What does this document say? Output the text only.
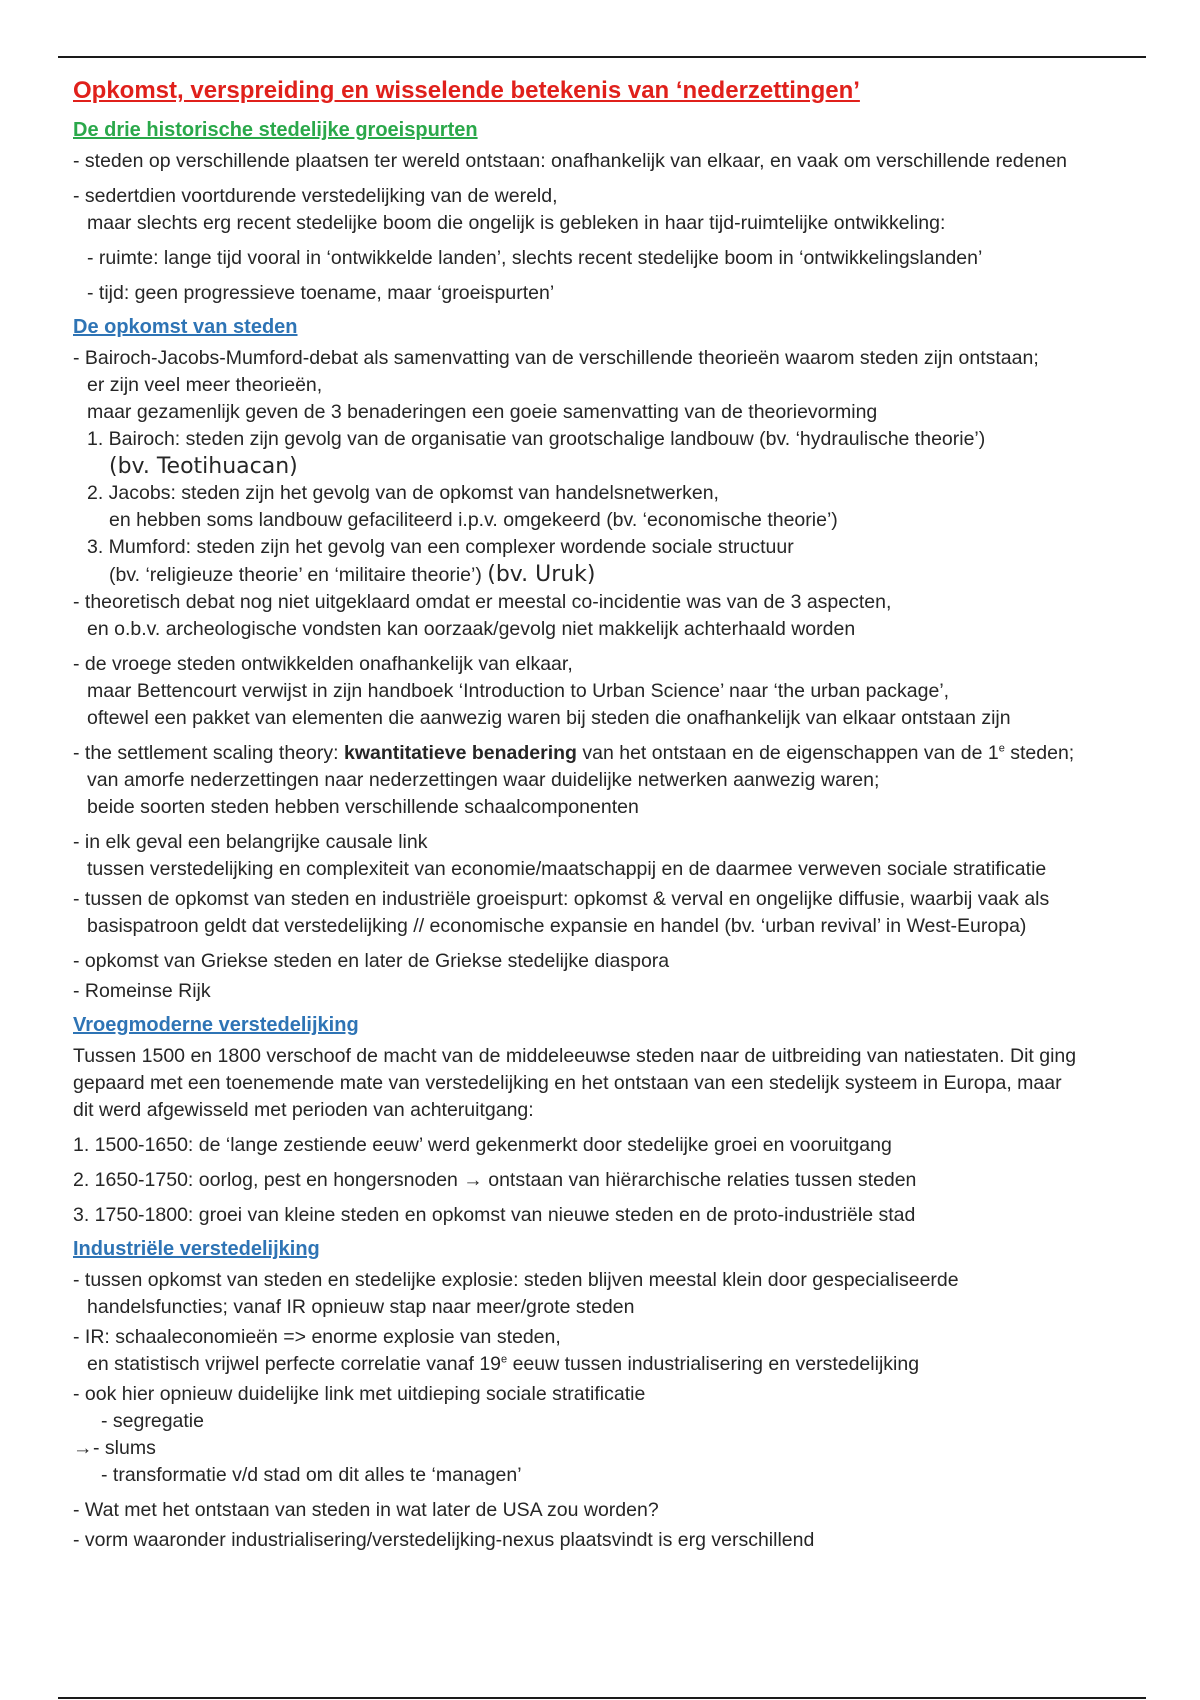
Opkomst, verspreiding en wisselende betekenis van ‘nederzettingen’
De drie historische stedelijke groeispurten

- steden op verschillende plaatsen ter wereld ontstaan: onafhankelijk van elkaar, en vaak om verschillende redenen

- sedertdien voortdurende verstedelijking van de wereld,

maar slechts erg recent stedelijke boom die ongelijk is gebleken in haar tijd-ruimtelijke ontwikkeling:

- ruimte: lange tijd vooral in ‘ontwikkelde landen’, slechts recent stedelijke boom in ‘ontwikkelingslanden’

- tijd: geen progressieve toename, maar ‘groeispurten’

De opkomst van steden

- Bairoch-Jacobs-Mumford-debat als samenvatting van de verschillende theorieën waarom steden zijn ontstaan;

er zijn veel meer theorieën,

maar gezamenlijk geven de 3 benaderingen een goeie samenvatting van de theorievorming

1. Bairoch: steden zijn gevolg van de organisatie van grootschalige landbouw (bv. ‘hydraulische theorie’)

(bv. Teotihuacan)

2. Jacobs: steden zijn het gevolg van de opkomst van handelsnetwerken,

en hebben soms landbouw gefaciliteerd i.p.v. omgekeerd (bv. ‘economische theorie’)

3. Mumford: steden zijn het gevolg van een complexer wordende sociale structuur

(bv. ‘religieuze theorie’ en ‘militaire theorie’) (bv. Uruk)

- theoretisch debat nog niet uitgeklaard omdat er meestal co-incidentie was van de 3 aspecten,

en o.b.v. archeologische vondsten kan oorzaak/gevolg niet makkelijk achterhaald worden

- de vroege steden ontwikkelden onafhankelijk van elkaar,

maar Bettencourt verwijst in zijn handboek ‘Introduction to Urban Science’ naar ‘the urban package’,

oftewel een pakket van elementen die aanwezig waren bij steden die onafhankelijk van elkaar ontstaan zijn

- the settlement scaling theory: kwantitatieve benadering van het ontstaan en de eigenschappen van de 1e steden;

van amorfe nederzettingen naar nederzettingen waar duidelijke netwerken aanwezig waren;

beide soorten steden hebben verschillende schaalcomponenten

- in elk geval een belangrijke causale link

tussen verstedelijking en complexiteit van economie/maatschappij en de daarmee verweven sociale stratificatie

- tussen de opkomst van steden en industriële groeispurt: opkomst & verval en ongelijke diffusie, waarbij vaak als

basispatroon geldt dat verstedelijking // economische expansie en handel (bv. ‘urban revival’ in West-Europa)

- opkomst van Griekse steden en later de Griekse stedelijke diaspora

- Romeinse Rijk

Vroegmoderne verstedelijking

Tussen 1500 en 1800 verschoof de macht van de middeleeuwse steden naar de uitbreiding van natiestaten. Dit ging

gepaard met een toenemende mate van verstedelijking en het ontstaan van een stedelijk systeem in Europa, maar

dit werd afgewisseld met perioden van achteruitgang:

1. 1500-1650: de ‘lange zestiende eeuw’ werd gekenmerkt door stedelijke groei en vooruitgang

2. 1650-1750: oorlog, pest en hongersnoden → ontstaan van hiërarchische relaties tussen steden

3. 1750-1800: groei van kleine steden en opkomst van nieuwe steden en de proto-industriële stad

Industriële verstedelijking

- tussen opkomst van steden en stedelijke explosie: steden blijven meestal klein door gespecialiseerde

handelsfuncties; vanaf IR opnieuw stap naar meer/grote steden

- IR: schaaleconomieën => enorme explosie van steden,

en statistisch vrijwel perfecte correlatie vanaf 19e eeuw tussen industrialisering en verstedelijking

- ook hier opnieuw duidelijke link met uitdieping sociale stratificatie

- segregatie

→ - slums

- transformatie v/d stad om dit alles te ‘managen’

- Wat met het ontstaan van steden in wat later de USA zou worden?

- vorm waaronder industrialisering/verstedelijking-nexus plaatsvindt is erg verschillend
